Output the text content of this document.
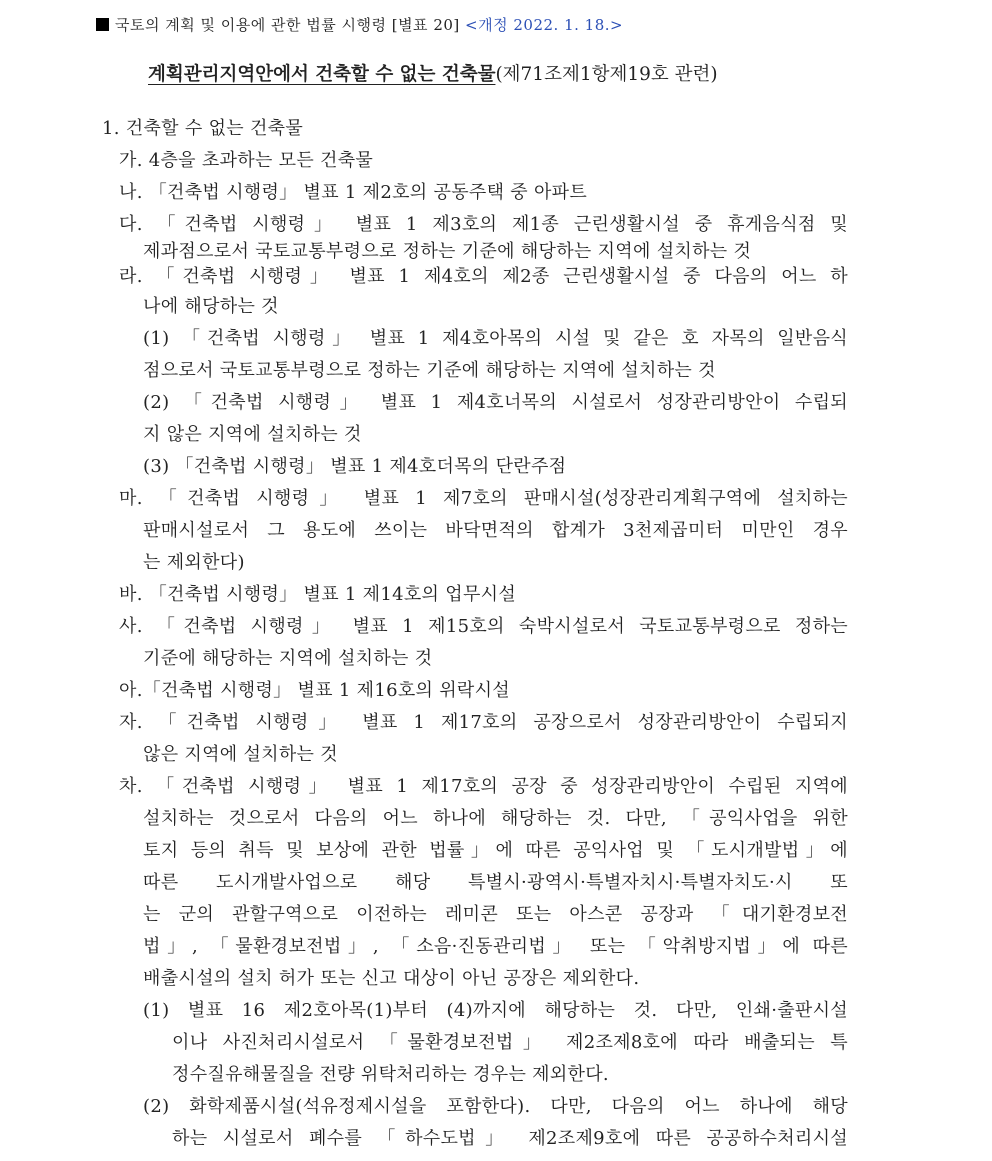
국토의 계획 및 이용에 관한 법률 시행령 [별표 20] <개정 2022. 1. 18.>
계획관리지역안에서 건축할 수 없는 건축물(제71조제1항제19호 관련)
1. 건축할 수 없는 건축물
가. 4층을 초과하는 모든 건축물
나. 「건축법 시행령」 별표 1 제2호의 공동주택 중 아파트
다. 「건축법 시행령」 별표 1 제3호의 제1종 근린생활시설 중 휴게음식점 및
제과점으로서 국토교통부령으로 정하는 기준에 해당하는 지역에 설치하는 것
라. 「건축법 시행령」 별표 1 제4호의 제2종 근린생활시설 중 다음의 어느 하
나에 해당하는 것
(1) 「건축법 시행령」 별표 1 제4호아목의 시설 및 같은 호 자목의 일반음식
점으로서 국토교통부령으로 정하는 기준에 해당하는 지역에 설치하는 것
(2) 「건축법 시행령」 별표 1 제4호너목의 시설로서 성장관리방안이 수립되
지 않은 지역에 설치하는 것
(3) 「건축법 시행령」 별표 1 제4호더목의 단란주점
마. 「건축법 시행령」 별표 1 제7호의 판매시설(성장관리계획구역에 설치하는
판매시설로서 그 용도에 쓰이는 바닥면적의 합계가 3천제곱미터 미만인 경우
는 제외한다)
바. 「건축법 시행령」 별표 1 제14호의 업무시설
사. 「건축법 시행령」 별표 1 제15호의 숙박시설로서 국토교통부령으로 정하는
기준에 해당하는 지역에 설치하는 것
아.「건축법 시행령」 별표 1 제16호의 위락시설
자. 「건축법 시행령」 별표 1 제17호의 공장으로서 성장관리방안이 수립되지
않은 지역에 설치하는 것
차. 「건축법 시행령」 별표 1 제17호의 공장 중 성장관리방안이 수립된 지역에
설치하는 것으로서 다음의 어느 하나에 해당하는 것. 다만, 「공익사업을 위한
토지 등의 취득 및 보상에 관한 법률」에 따른 공익사업 및 「도시개발법」에
따른 도시개발사업으로 해당 특별시·광역시·특별자치시·특별자치도·시 또
는 군의 관할구역으로 이전하는 레미콘 또는 아스콘 공장과 「대기환경보전
법」, 「물환경보전법」, 「소음·진동관리법」 또는 「악취방지법」에 따른
배출시설의 설치 허가 또는 신고 대상이 아닌 공장은 제외한다.
(1) 별표 16 제2호아목(1)부터 (4)까지에 해당하는 것. 다만, 인쇄·출판시설
이나 사진처리시설로서 「물환경보전법」 제2조제8호에 따라 배출되는 특
정수질유해물질을 전량 위탁처리하는 경우는 제외한다.
(2) 화학제품시설(석유정제시설을 포함한다). 다만, 다음의 어느 하나에 해당
하는 시설로서 폐수를 「하수도법」 제2조제9호에 따른 공공하수처리시설
